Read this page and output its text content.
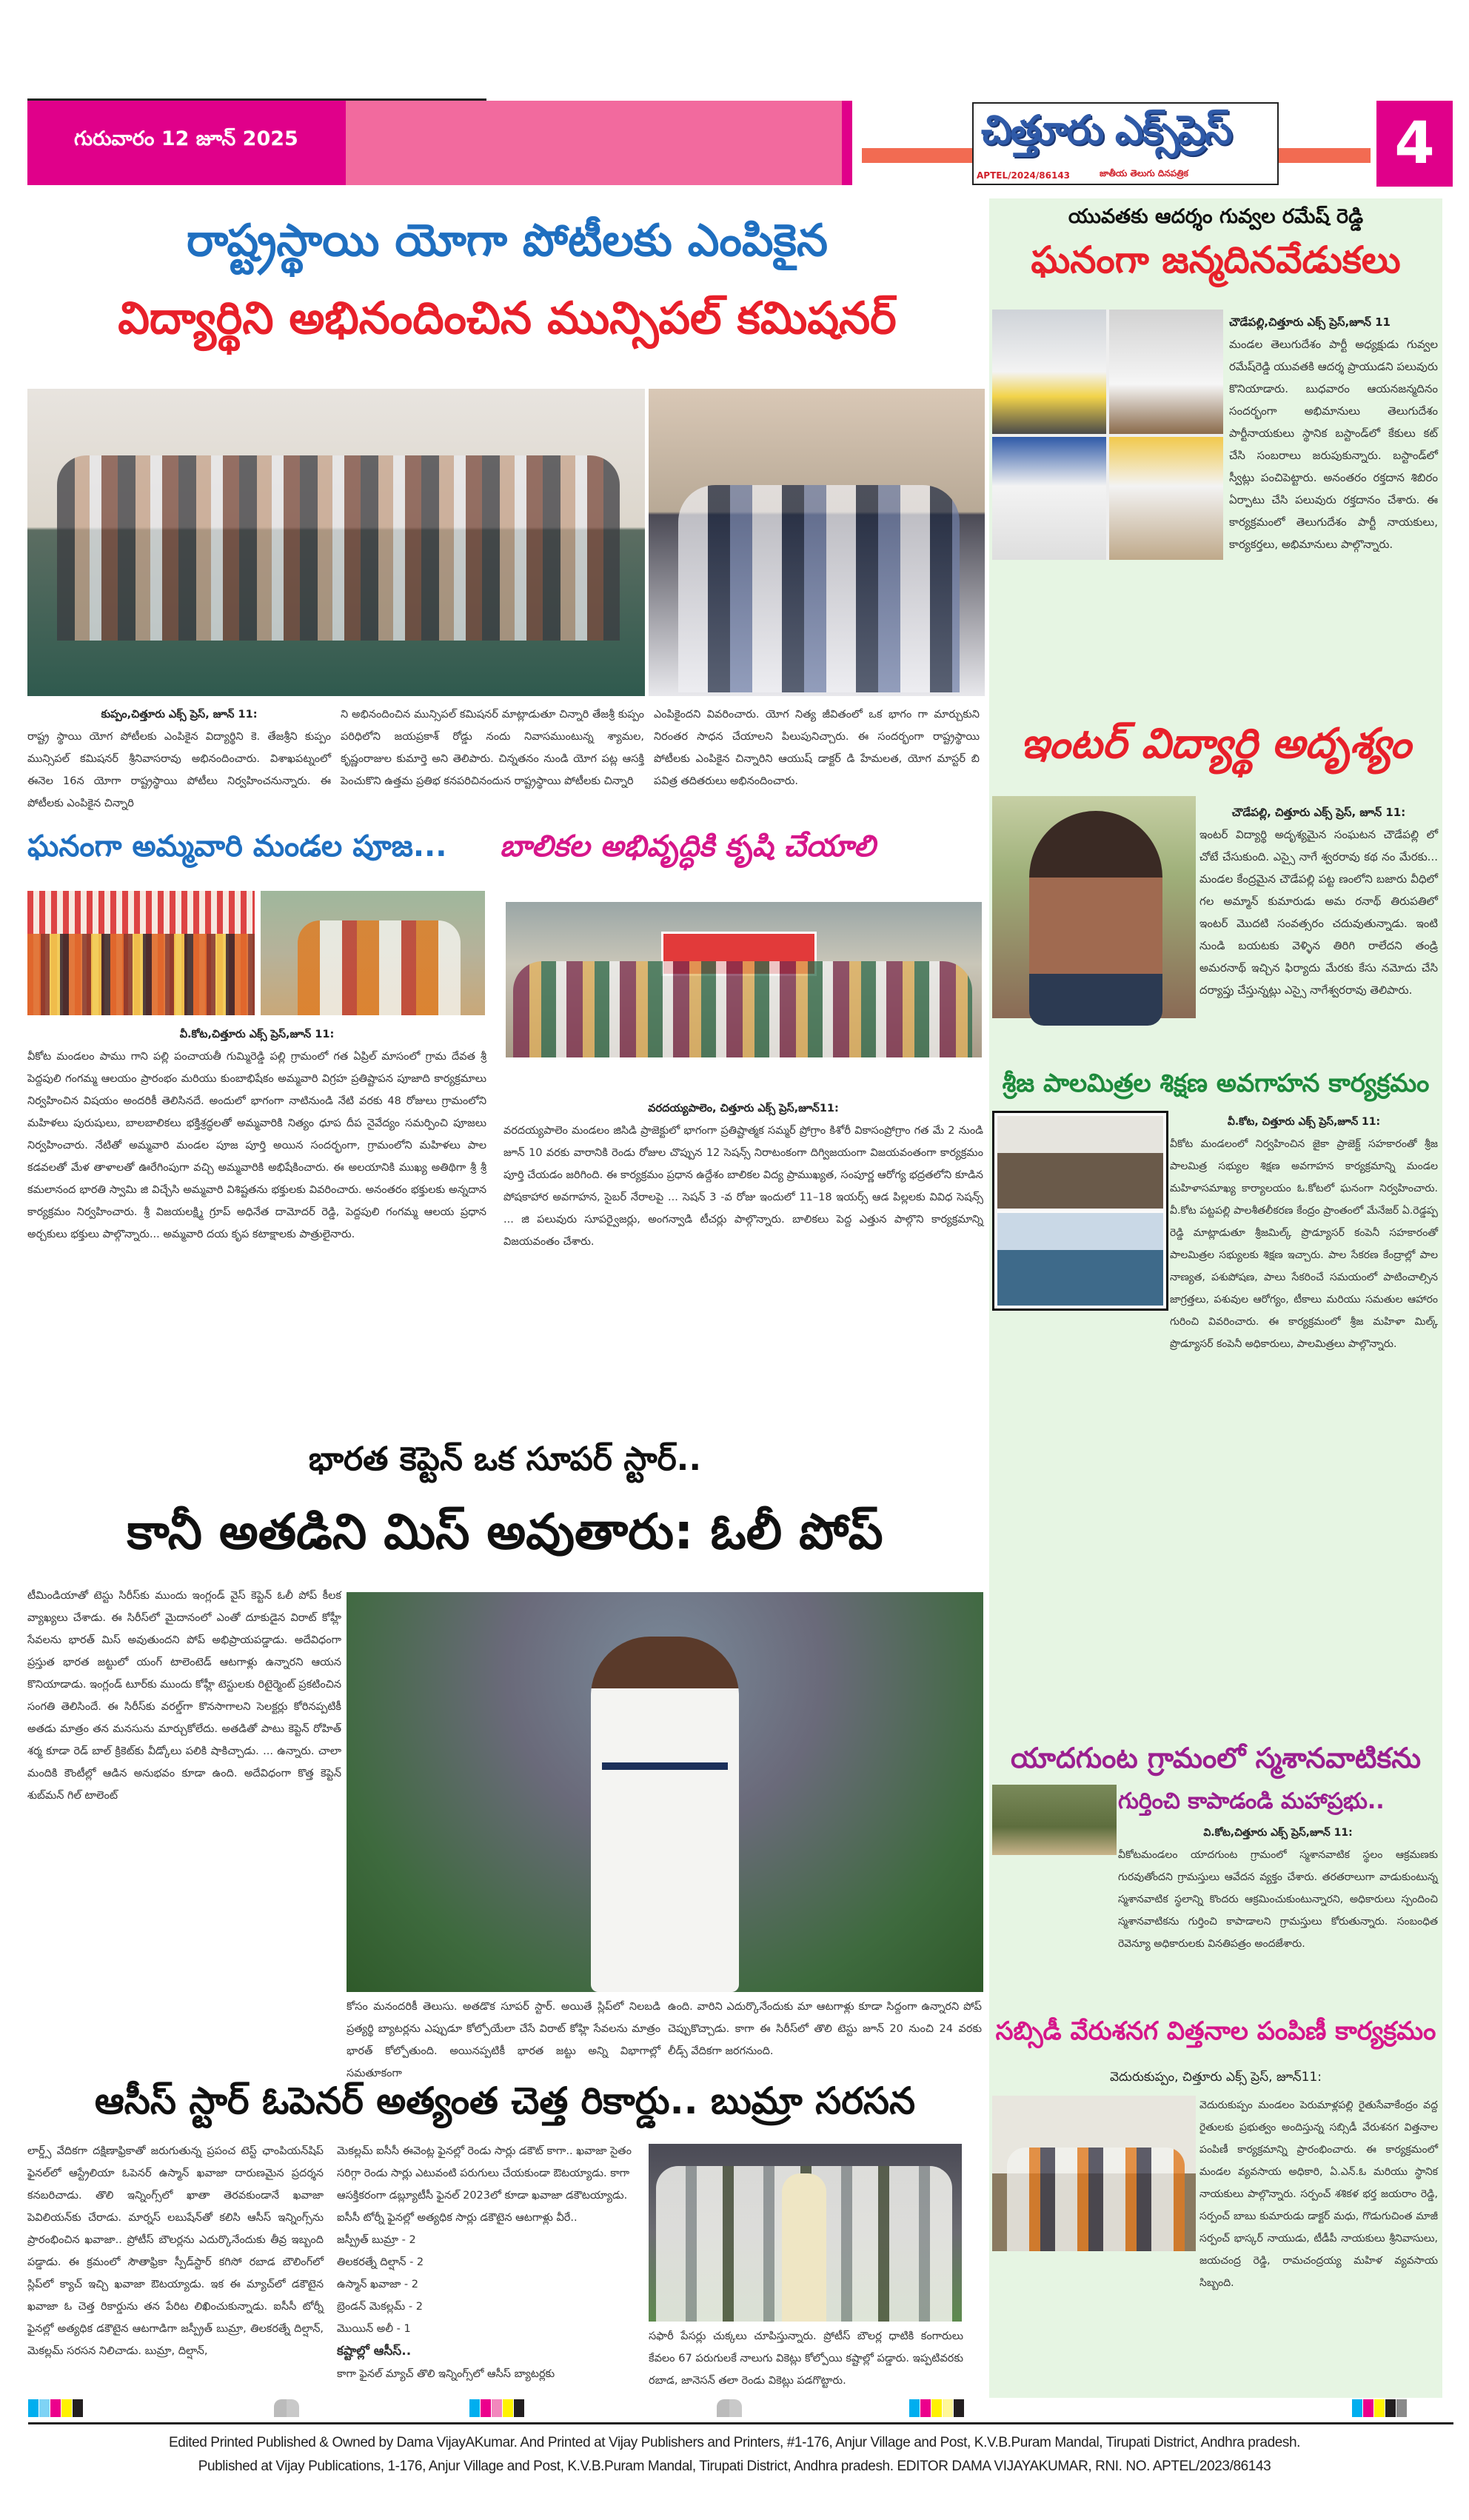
గురువారం 12 జూన్ 2025	చిత్తూరు ఎక్స్‌ప్రెస్
APTEL/2024/86143	జాతీయ తెలుగు దినపత్రిక	4
రాష్ట్రస్థాయి యోగా పోటీలకు ఎంపికైన
విద్యార్థిని అభినందించిన మున్సిపల్ కమిషనర్
కుప్పం,చిత్తూరు ఎక్స్ ప్రెస్, జూన్ 11:
రాష్ట్ర స్థాయి యోగ పోటీలకు ఎంపికైన విద్యార్థిని కె. తేజశ్రీని కుప్పం మున్సిపల్ కమిషనర్ శ్రీనివాసరావు అభినందించారు. విశాఖపట్నంలో ఈనెల 16న యోగా రాష్ట్రస్థాయి పోటీలు నిర్వహించనున్నారు. ఈ పోటీలకు ఎంపికైన చిన్నారి
ని అభినందించిన మున్సిపల్ కమిషనర్ మాట్లాడుతూ చిన్నారి తేజశ్రీ కుప్పం పరిధిలోని జయప్రకాశ్ రోడ్డు నందు నివాసముంటున్న శ్యామల, కృష్ణంరాజుల కుమార్తె అని తెలిపారు. చిన్నతనం నుండి యోగ పట్ల ఆసక్తి పెంచుకొని ఉత్తమ ప్రతిభ కనపరిచినందున రాష్ట్రస్థాయి పోటీలకు చిన్నారి
ఎంపికైందని వివరించారు. యోగ నిత్య జీవితంలో ఒక భాగం గా మార్చుకుని నిరంతర సాధన చేయాలని పిలుపునిచ్చారు. ఈ సందర్భంగా రాష్ట్రస్థాయి పోటీలకు ఎంపికైన చిన్నారిని ఆయుష్ డాక్టర్ డి హేమలత, యోగ మాస్టర్ బి పవిత్ర తదితరులు అభినందించారు.
ఘనంగా అమ్మవారి మండల పూజ...
వీ.కోట,చిత్తూరు ఎక్స్ ప్రెస్,జూన్ 11:
వీకోట మండలం పాము గాని పల్లి పంచాయతీ గుమ్మిరెడ్డి పల్లి గ్రామంలో గత ఏప్రిల్ మాసంలో గ్రామ దేవత శ్రీ పెద్దపులి గంగమ్మ ఆలయం ప్రారంభం మరియు కుంబాభిషేకం అమ్మవారి విగ్రహ ప్రతిష్టాపన పూజాది కార్యక్రమాలు నిర్వహించిన విషయం అందరికీ తెలిసినదే. అందులో భాగంగా నాటినుండి నేటి వరకు 48 రోజులు గ్రామంలోని మహిళలు పురుషులు, బాలబాలికలు భక్తిశ్రద్ధలతో అమ్మవారికి నిత్యం ధూప దీప నైవేద్యం సమర్పించి పూజలు నిర్వహించారు. నేటితో అమ్మవారి మండల పూజ పూర్తి అయిన సందర్భంగా, గ్రామంలోని మహిళలు పాల కడవలతో మేళ తాళాలతో ఊరేగింపుగా వచ్చి అమ్మవారికి అభిషేకించారు. ఈ అలయానికి ముఖ్య అతిథిగా శ్రీ శ్రీ కమలానంద భారతి స్వామి జి విచ్చేసి అమ్మవారి విశిష్టతను భక్తులకు వివరించారు. అనంతరం భక్తులకు అన్నదాన కార్యక్రమం నిర్వహించారు. శ్రీ విజయలక్ష్మి గ్రూప్ అధినేత దామోదర్ రెడ్డి, పెద్దపులి గంగమ్మ ఆలయ ప్రధాన అర్చకులు భక్తులు పాల్గొన్నారు... అమ్మవారి దయ కృప కటాక్షాలకు పాత్రులైనారు.
బాలికల అభివృద్ధికి కృషి చేయాలి
వరదయ్యపాలెం, చిత్తూరు ఎక్స్ ప్రెస్,జూన్11:
వరదయ్యపాలెం మండలం జిసిడి ప్రాజెక్టులో భాగంగా ప్రతిష్టాత్మక సమ్మర్ ప్రోగ్రాం కిశోరీ వికాసంప్రోగ్రాం గత మే 2 నుండి జూన్ 10 వరకు వారానికి రెండు రోజుల చొప్పున 12 సెషన్స్ నిరాటంకంగా దిగ్విజయంగా విజయవంతంగా కార్యక్రమం పూర్తి చేయడం జరిగింది. ఈ కార్యక్రమం ప్రధాన ఉద్దేశం బాలికల విద్య ప్రాముఖ్యత, సంపూర్ణ ఆరోగ్య భద్రతలోని కూడిన పోషకాహార అవగాహన, సైబర్ నేరాలపై ... సెషన్ 3 -వ రోజు ఇందులో 11–18 ఇయర్స్ ఆడ పిల్లలకు వివిధ సెషన్స్ ... జి పలువురు సూపర్వైజర్లు, అంగన్వాడి టీచర్లు పాల్గొన్నారు. బాలికలు పెద్ద ఎత్తున పాల్గొని కార్యక్రమాన్ని విజయవంతం చేశారు.
భారత కెప్టెన్ ఒక సూపర్ స్టార్..
కానీ అతడిని మిస్ అవుతారు: ఓలీ పోప్
టీమిండియాతో టెస్టు సిరీస్‌కు ముందు ఇంగ్లండ్ వైస్ కెప్టెన్ ఓలీ పోప్ కీలక వ్యాఖ్యలు చేశాడు. ఈ సిరీస్‌లో మైదానంలో ఎంతో దూకుడైన విరాట్ కోహ్లీ సేవలను భారత్ మిస్ అవుతుందని పోప్ అభిప్రాయపడ్డాడు. అదేవిధంగా ప్రస్తుత భారత జట్టులో యంగ్ టాలెంటెడ్ ఆటగాళ్లు ఉన్నారని ఆయన కొనియాడాడు. ఇంగ్లండ్ టూర్‌కు ముందు కోహ్లీ టెస్టులకు రిటైర్మెంట్ ప్రకటించిన సంగతి తెలిసిందే. ఈ సిరీస్‌కు వరల్డ్‌గా కొనసాగాలని సెలక్టర్లు కోరినప్పటికీ అతడు మాత్రం తన మనసును మార్చుకోలేదు. అతడితో పాటు కెప్టెన్ రోహిత్ శర్మ కూడా రెడ్ బాల్ క్రికెట్‌కు వీడ్కోలు పలికి షాకిచ్చాడు. ... ఉన్నారు. చాలా మందికి కౌంటీల్లో ఆడిన అనుభవం కూడా ఉంది. అదేవిధంగా కొత్త కెప్టెన్ శుబ్‌మన్ గిల్ టాలెంట్
కోసం మనందరికీ తెలుసు. అతడొక సూపర్ స్టార్. అయితే స్లిప్‌లో నిలబడి ప్రత్యర్థి బ్యాటర్లను ఎప్పుడూ కోల్పోయేలా చేసే విరాట్ కోహ్లి సేవలను మాత్రం భారత్ కోల్పోతుంది. అయినప్పటికీ భారత జట్టు అన్ని విభాగాల్లో సమతూకంగా
ఉంది. వారిని ఎదుర్కొనేందుకు మా ఆటగాళ్లు కూడా సిద్దంగా ఉన్నారని పోప్ చెప్పుకొచ్చాడు. కాగా ఈ సిరీస్‌లో తొలి టెస్టు జూన్ 20 నుంచి 24 వరకు లీడ్స్ వేదికగా జరగనుంది.
ఆసీస్ స్టార్ ఓపెనర్ అత్యంత చెత్త రికార్డు.. బుమ్రా సరసన
లార్డ్స్ వేదికగా దక్షిణాఫ్రికాతో జరుగుతున్న ప్రపంచ టెస్ట్ ఛాంపియన్‌షిప్ ఫైనల్‌లో ఆస్ట్రేలియా ఓపెనర్ ఉస్మాన్ ఖవాజా దారుణమైన ప్రదర్శన కనబరిచాడు. తొలి ఇన్నింగ్స్‌లో ఖాతా తెరవకుండానే ఖవాజా పెవిలియన్‌కు చేరాడు. మార్నస్ లబుషేన్‌తో కలిసి ఆసీస్ ఇన్నింగ్స్‌ను ప్రారంభించిన ఖవాజా.. ప్రోటీస్ బౌలర్లను ఎదుర్కొనేందుకు తీవ్ర ఇబ్బంది పడ్డాడు. ఈ క్రమంలో సౌతాఫ్రికా స్పీడ్‌స్టార్ కగిసో రబాడ బౌలింగ్‌లో స్లిప్‌లో క్యాచ్ ఇచ్చి ఖవాజా ఔటయ్యాడు. ఇక ఈ మ్యాచ్‌లో డకౌటైన ఖవాజా ఓ చెత్త రికార్డును తన పేరిట లిఖించుకున్నాడు. ఐసీసీ టోర్నీ ఫైనల్లో అత్యధిక డకౌటైన ఆటగాడిగా జస్ప్రీత్ బుమ్రా, తిలకరత్నే దిల్షాన్, మెకల్లమ్ సరసన నిలిచాడు. బుమ్రా, దిల్షాన్,
మెకల్లమ్ ఐసీసీ ఈవెంట్ల ఫైనల్లో రెండు సార్లు డకౌట్ కాగా.. ఖవాజా సైతం సరిగ్గా రెండు సార్లు ఎటువంటి పరుగులు చేయకుండా ఔటయ్యాడు. కాగా ఆసక్తికరంగా డబ్ల్యూటీసీ ఫైనల్ 2023లో కూడా ఖవాజా డకౌటయ్యాడు.
ఐసీసీ టోర్నీ ఫైనల్లో అత్యధిక సార్లు డకౌటైన ఆటగాళ్లు వీరే..
జస్ప్రీత్ బుమ్రా - 2
తిలకరత్నే దిల్షాన్ - 2
ఉస్మాన్ ఖవాజా - 2
బ్రెండన్ మెకల్లమ్ - 2
మొయిన్ అలీ - 1
కష్టాల్లో ఆసీస్..
కాగా ఫైనల్ మ్యాచ్ తొలి ఇన్నింగ్స్‌లో ఆసీస్ బ్యాటర్లకు
సఫారీ పేసర్లు చుక్కలు చూపిస్తున్నారు. ప్రోటీస్ బౌలర్ల ధాటికి కంగారులు కేవలం 67 పరుగులకే నాలుగు వికెట్లు కోల్పోయి కష్టాల్లో పడ్డారు. ఇప్పటివరకు రబాడ, జానెసన్ తలా రెండు వికెట్లు పడగొట్టారు.
యువతకు ఆదర్శం గువ్వల రమేష్ రెడ్డి
ఘనంగా జన్మదినవేడుకలు
చౌడేపల్లి,చిత్తూరు ఎక్స్ ప్రెస్,జూన్ 11
మండల తెలుగుదేశం పార్టీ అధ్యక్షుడు గువ్వల రమేష్‌రెడ్డి యువతకి ఆదర్శ ప్రాయుడని పలువురు కొనియాడారు. బుధవారం ఆయనజన్మదినం సందర్భంగా అభిమానులు తెలుగుదేశం పార్టీనాయకులు స్థానిక బస్టాండ్‌లో కేకులు కట్ చేసి సంబరాలు జరుపుకున్నారు. బస్టాండ్‌లో స్వీట్లు పంచిపెట్టారు. అనంతరం రక్తదాన శిబిరం ఏర్పాటు చేసి పలువురు రక్తదానం చేశారు. ఈ కార్యక్రమంలో తెలుగుదేశం పార్టీ నాయకులు, కార్యకర్తలు, అభిమానులు పాల్గొన్నారు.
ఇంటర్ విద్యార్థి అదృశ్యం
చౌడేపల్లి, చిత్తూరు ఎక్స్ ప్రెస్, జూన్ 11:
ఇంటర్ విద్యార్థి అదృశ్యమైన సంఘటన చౌడేపల్లి లో చోటే చేసుకుంది. ఎస్సై నాగే శ్వరరావు కథ నం మేరకు... మండల కేంద్రమైన చౌడేపల్లి పట్ట ణంలోని బజారు వీధిలో గల అమ్మాన్ కుమారుడు అమ రనాథ్ తిరుపతిలో ఇంటర్ మొదటి సంవత్సరం చదువుతున్నాడు. ఇంటి నుండి బయటకు వెళ్ళిన తిరిగి రాలేదని తండ్రి అమరనాథ్ ఇచ్చిన ఫిర్యాదు మేరకు కేసు నమోదు చేసి దర్యాప్తు చేస్తున్నట్లు ఎస్సై నాగేశ్వరరావు తెలిపారు.
శ్రీజ పాలమిత్రల శిక్షణ అవగాహన కార్యక్రమం
వీ.కోట, చిత్తూరు ఎక్స్ ప్రెస్,జూన్ 11:
వీకోట మండలంలో నిర్వహించిన జైకా ప్రాజెక్ట్ సహకారంతో శ్రీజ పాలమిత్ర సభ్యుల శిక్షణ అవగాహన కార్యక్రమాన్ని మండల మహిళాసమాఖ్య కార్యాలయం ఓ.కోటలో ఘనంగా నిర్వహించారు. వీ.కోట పట్టపల్లి పాలశీతలీకరణ కేంద్రం ప్రాంతంలో మేనేజర్ ఏ.రెడ్డప్ప రెడ్డి మాట్లాడుతూ శ్రీజమిల్క్ ప్రొడ్యూసర్ కంపెనీ సహకారంతో పాలమిత్రల సభ్యులకు శిక్షణ ఇచ్చారు. పాల సేకరణ కేంద్రాల్లో పాల నాణ్యత, పశుపోషణ, పాలు సేకరించే సమయంలో పాటించాల్సిన జాగ్రత్తలు, పశువుల ఆరోగ్యం, టీకాలు మరియు సమతుల ఆహారం గురించి వివరించారు. ఈ కార్యక్రమంలో శ్రీజ మహిళా మిల్క్ ప్రొడ్యూసర్ కంపెనీ అధికారులు, పాలమిత్రలు పాల్గొన్నారు.
యాదగుంట గ్రామంలో స్మశానవాటికను
గుర్తించి కాపాడండి మహాప్రభు..
వి.కోట,చిత్తూరు ఎక్స్ ప్రెస్,జూన్ 11:
వీకోటమండలం యాదగుంట గ్రామంలో స్మశానవాటిక స్థలం ఆక్రమణకు గురవుతోందని గ్రామస్తులు ఆవేదన వ్యక్తం చేశారు. తరతరాలుగా వాడుకుంటున్న స్మశానవాటిక స్థలాన్ని కొందరు ఆక్రమించుకుంటున్నారని, అధికారులు స్పందించి స్మశానవాటికను గుర్తించి కాపాడాలని గ్రామస్తులు కోరుతున్నారు. సంబంధిత రెవెన్యూ అధికారులకు వినతిపత్రం అందజేశారు.
సబ్సిడీ వేరుశనగ విత్తనాల పంపిణీ కార్యక్రమం
వెదురుకుప్పం, చిత్తూరు ఎక్స్ ప్రెస్, జూన్11:
వెదురుకుప్పం మండలం పెరుమాళ్లపల్లి రైతుసేవాకేంద్రం వద్ద రైతులకు ప్రభుత్వం అందిస్తున్న సబ్సిడీ వేరుశనగ విత్తనాల పంపిణీ కార్యక్రమాన్ని ప్రారంభించారు. ఈ కార్యక్రమంలో మండల వ్యవసాయ అధికారి, ఏ.ఎన్.ఓ మరియు స్థానిక నాయకులు పాల్గొన్నారు. సర్పంచ్ శశికళ భర్త జయరాం రెడ్డి, సర్పంచ్ బాబు కుమారుడు డాక్టర్ మధు, గొడుగుచింత మాజీ సర్పంచ్ భాస్కర్ నాయుడు, టీడీపీ నాయకులు శ్రీనివాసులు, జయచంద్ర రెడ్డి, రామచంద్రయ్య మహిళ వ్యవసాయ సిబ్బంది.
Edited Printed Published & Owned by Dama VijayAKumar. And Printed at Vijay Publishers and Printers, #1-176, Anjur Village and Post, K.V.B.Puram Mandal, Tirupati District, Andhra pradesh.
Published at Vijay Publications, 1-176, Anjur Village and Post, K.V.B.Puram Mandal, Tirupati District, Andhra pradesh. EDITOR DAMA VIJAYAKUMAR, RNI. NO. APTEL/2023/86143
